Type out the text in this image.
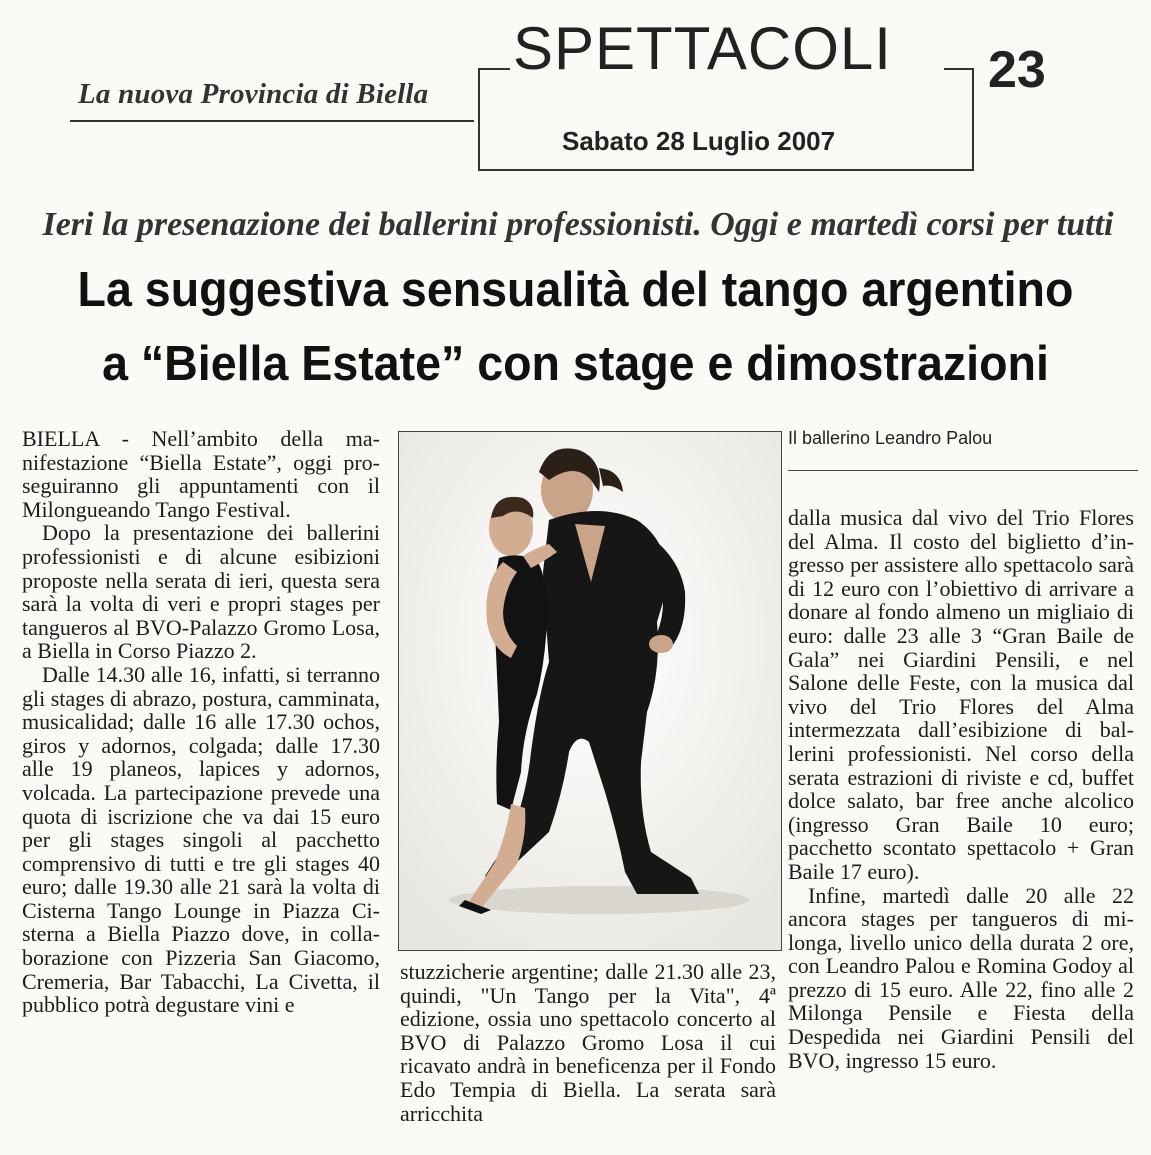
La nuova Provincia di Biella
SPETTACOLI 23
Sabato 28 Luglio 2007
Ieri la presenazione dei ballerini professionisti. Oggi e martedì corsi per tutti
La suggestiva sensualità del tango argentino
a “Biella Estate” con stage e dimostrazioni

BIELLA - Nell’ambito della manifestazione “Biella Estate”, oggi proseguiranno gli appuntamenti con il Milongueando Tango Festival.

Dopo la presentazione dei ballerini professionisti e di alcune esibizioni proposte nella serata di ieri, questa sera sarà la volta di veri e propri stages per tangueros al BVO-Palazzo Gromo Losa, a Biella in Corso Piazzo 2.

Dalle 14.30 alle 16, infatti, si terranno gli stages di abrazo, postura, camminata, musicalidad; dalle 16 alle 17.30 ochos, giros y adornos, colgada; dalle 17.30 alle 19 planeos, lapices y adornos, volcada. La partecipazione prevede una quota di iscrizione che va dai 15 euro per gli stages singoli al pacchetto comprensivo di tutti e tre gli stages 40 euro; dalle 19.30 alle 21 sarà la volta di Cisterna Tango Lounge in Piazza Cisterna a Biella Piazzo dove, in collaborazione con Pizzeria San Giacomo, Cremeria, Bar Tabacchi, La Civetta, il pubblico potrà degustare vini e

Il ballerino Leandro Palou

stuzzicherie argentine; dalle 21.30 alle 23, quindi, "Un Tango per la Vita", 4ª edizione, ossia uno spettacolo concerto al BVO di Palazzo Gromo Losa il cui ricavato andrà in beneficenza per il Fondo Edo Tempia di Biella. La serata sarà arricchita

dalla musica dal vivo del Trio Flores del Alma. Il costo del biglietto d’ingresso per assistere allo spettacolo sarà di 12 euro con l’obiettivo di arrivare a donare al fondo almeno un migliaio di euro: dalle 23 alle 3 “Gran Baile de Gala” nei Giardini Pensili, e nel Salone delle Feste, con la musica dal vivo del Trio Flores del Alma intermezzata dall’esibizione di ballerini professionisti. Nel corso della serata estrazioni di riviste e cd, buffet dolce salato, bar free anche alcolico (ingresso Gran Baile 10 euro; pacchetto scontato spettacolo + Gran Baile 17 euro).

Infine, martedì dalle 20 alle 22 ancora stages per tangueros di milonga, livello unico della durata 2 ore, con Leandro Palou e Romina Godoy al prezzo di 15 euro. Alle 22, fino alle 2 Milonga Pensile e Fiesta della Despedida nei Giardini Pensili del BVO, ingresso 15 euro.
